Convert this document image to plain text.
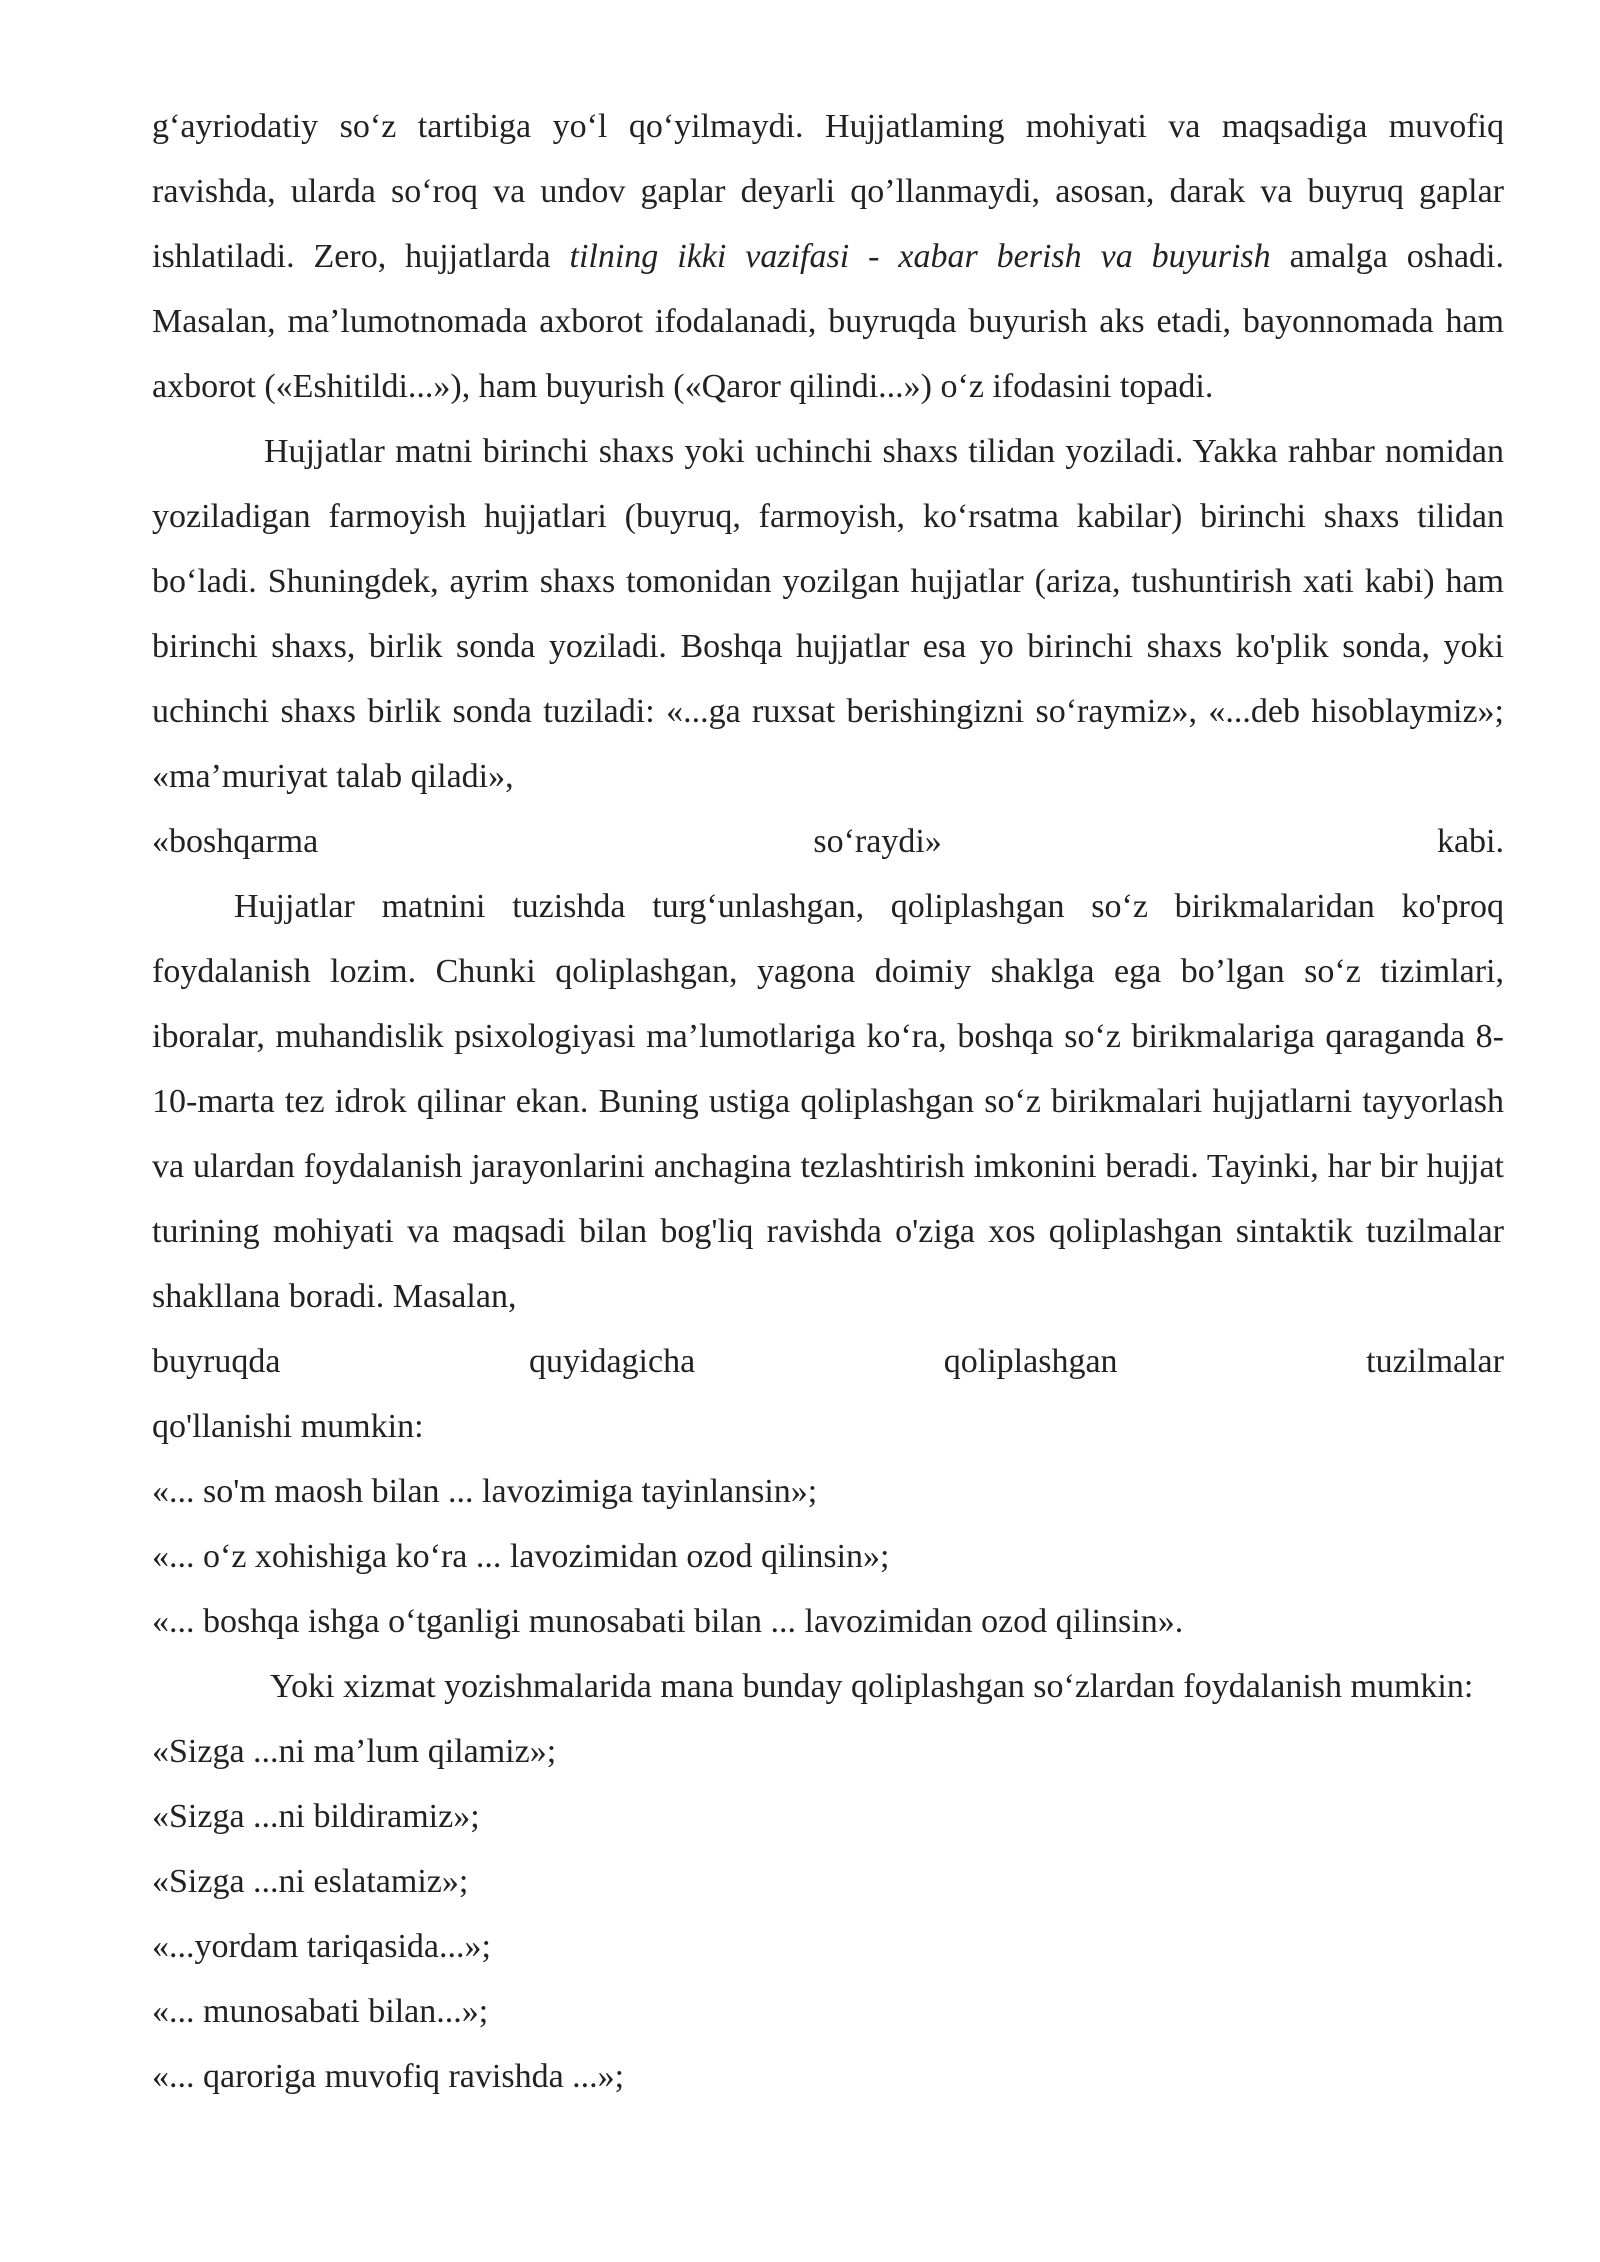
g‘ayriodatiy so‘z tartibiga yo‘l qo‘yilmaydi. Hujjatlaming mohiyati va maqsadiga muvofiq ravishda, ularda so‘roq va undov gaplar deyarli qo’llanmaydi, asosan, darak va buyruq gaplar ishlatiladi. Zero, hujjatlarda tilning ikki vazifasi - xabar berish va buyurish amalga oshadi. Masalan, ma’lumotnomada axborot ifodalanadi, buyruqda buyurish aks etadi, bayonnomada ham axborot («Eshitildi...»), ham buyurish («Qaror qilindi...») o‘z ifodasini topadi.

Hujjatlar matni birinchi shaxs yoki uchinchi shaxs tilidan yoziladi. Yakka rahbar nomidan yoziladigan farmoyish hujjatlari (buyruq, farmoyish, ko‘rsatma kabilar) birinchi shaxs tilidan bo‘ladi. Shuningdek, ayrim shaxs tomonidan yozilgan hujjatlar (ariza, tushuntirish xati kabi) ham birinchi shaxs, birlik sonda yoziladi. Boshqa hujjatlar esa yo birinchi shaxs ko'plik sonda, yoki uchinchi shaxs birlik sonda tuziladi: «...ga ruxsat berishingizni so‘raymiz», «...deb hisoblaymiz»; «ma’muriyat talab qiladi»,

«boshqarma	so‘raydi»	kabi.

Hujjatlar matnini tuzishda turg‘unlashgan, qoliplashgan so‘z birikmalaridan ko'proq foydalanish lozim. Chunki qoliplashgan, yagona doimiy shaklga ega bo’lgan so‘z tizimlari, iboralar, muhandislik psixologiyasi ma’lumotlariga ko‘ra, boshqa so‘z birikmalariga qaraganda 8-10-marta tez idrok qilinar ekan. Buning ustiga qoliplashgan so‘z birikmalari hujjatlarni tayyorlash va ulardan foydalanish jarayonlarini anchagina tezlashtirish imkonini beradi. Tayinki, har bir hujjat turining mohiyati va maqsadi bilan bog'liq ravishda o'ziga xos qoliplashgan sintaktik tuzilmalar shakllana boradi. Masalan,

buyruqda	quyidagicha	qoliplashgan	tuzilmalar

qo'llanishi mumkin:

«... so'm maosh bilan ... lavozimiga tayinlansin»;

«... o‘z xohishiga ko‘ra ... lavozimidan ozod qilinsin»;

«... boshqa ishga o‘tganligi munosabati bilan ... lavozimidan ozod qilinsin».

Yoki xizmat yozishmalarida mana bunday qoliplashgan so‘zlardan foydalanish mumkin:

«Sizga ...ni ma’lum qilamiz»;

«Sizga ...ni bildiramiz»;

«Sizga ...ni eslatamiz»;

«...yordam tariqasida...»;

«... munosabati bilan...»;

«... qaroriga muvofiq ravishda ...»;
